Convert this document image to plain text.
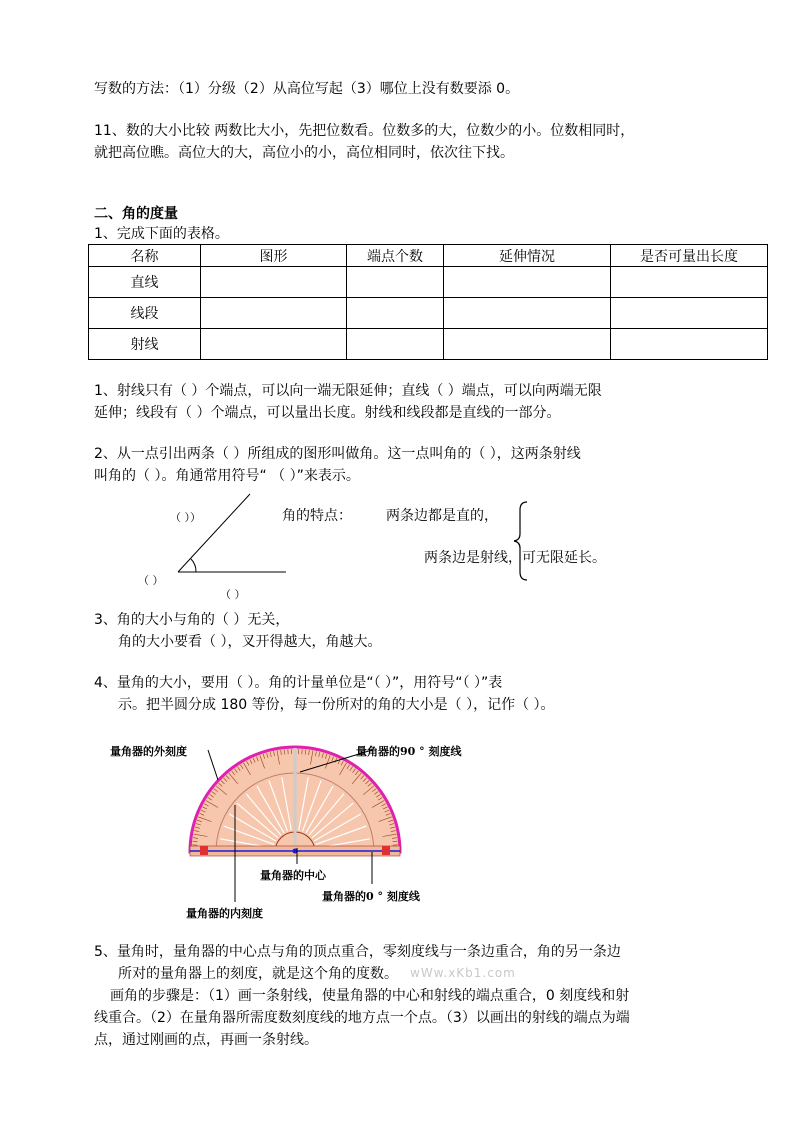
写数的方法：（1）分级（2）从高位写起（3）哪位上没有数要添 0。
11、数的大小比较 两数比大小，先把位数看。位数多的大，位数少的小。位数相同时，
就把高位瞧。高位大的大，高位小的小，高位相同时，依次往下找。
二、角的度量
1、完成下面的表格。
名称	图形	端点个数	延伸情况	是否可量出长度
直线				
线段				
射线				
1、射线只有（ ）个端点，可以向一端无限延伸；直线（ ）端点，可以向两端无限
延伸；线段有（ ）个端点，可以量出长度。射线和线段都是直线的一部分。
2、从一点引出两条（ ）所组成的图形叫做角。这一点叫角的（ ），这两条射线
叫角的（ ）。角通常用符号“ （ ）”来表示。
（ ））
（ ）
（ ）
角的特点： 两条边都是直的，
两条边是射线，可无限延长。
3、角的大小与角的（ ）无关，
角的大小要看（ ），叉开得越大，角越大。
4、量角的大小，要用（ ）。角的计量单位是“（ ）”，用符号“（ ）”表
示。把半圆分成 180 等份，每一份所对的角的大小是（ ），记作（ ）。
量角器的外刻度	量角器的90 ° 刻度线
量角器的中心
量角器的内刻度
量角器的0 ° 刻度线
5、量角时，量角器的中心点与角的顶点重合，零刻度线与一条边重合，角的另一条边
所对的量角器上的刻度，就是这个角的度数。 wWw.xKb1.com
画角的步骤是：（1）画一条射线，使量角器的中心和射线的端点重合，0 刻度线和射
线重合。（2）在量角器所需度数刻度线的地方点一个点。（3）以画出的射线的端点为端
点，通过刚画的点，再画一条射线。
